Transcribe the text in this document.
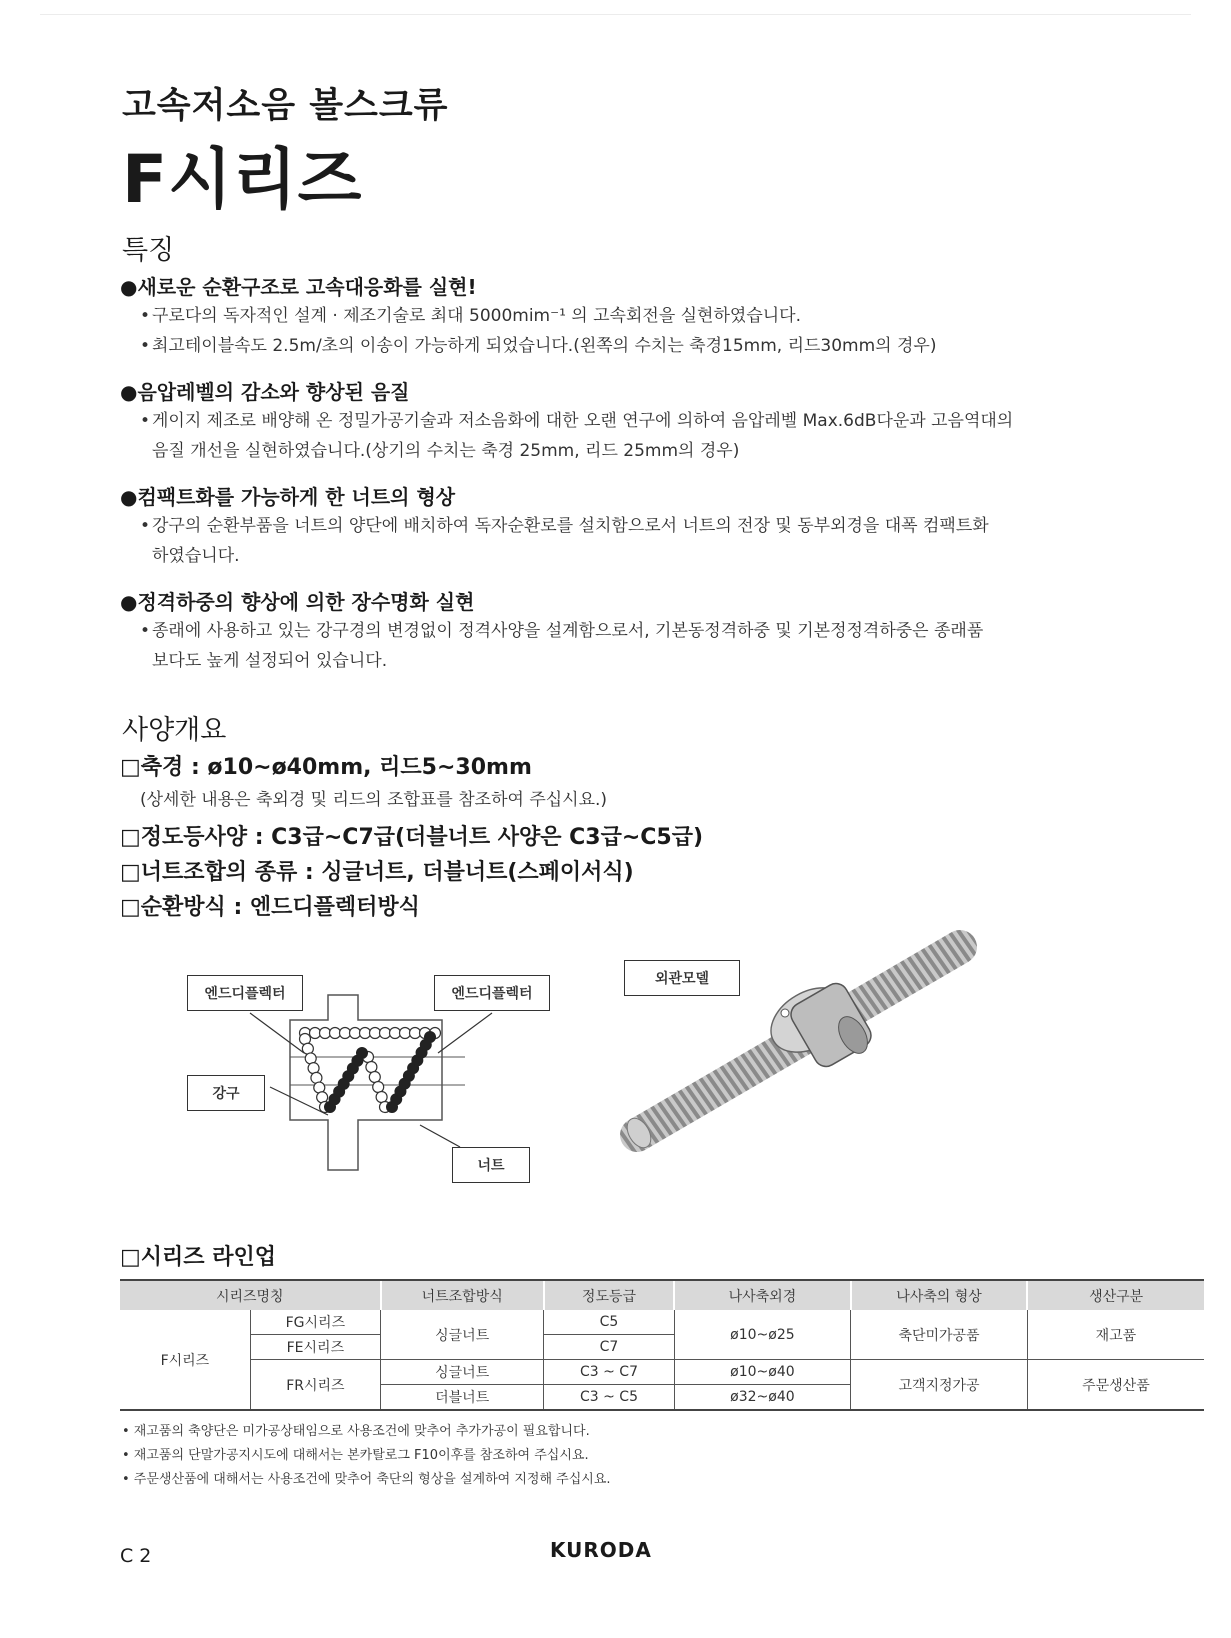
고속저소음 볼스크류
F시리즈
특징
●새로운 순환구조로 고속대응화를 실현!
• 구로다의 독자적인 설계 · 제조기술로 최대 5000mim⁻¹ 의 고속회전을 실현하였습니다.
• 최고테이블속도 2.5m/초의 이송이 가능하게 되었습니다.(왼쪽의 수치는 축경15mm, 리드30mm의 경우)
●음압레벨의 감소와 향상된 음질
• 게이지 제조로 배양해 온 정밀가공기술과 저소음화에 대한 오랜 연구에 의하여 음압레벨 Max.6dB다운과 고음역대의
음질 개선을 실현하였습니다.(상기의 수치는 축경 25mm, 리드 25mm의 경우)
●컴팩트화를 가능하게 한 너트의 형상
• 강구의 순환부품을 너트의 양단에 배치하여 독자순환로를 설치함으로서 너트의 전장 및 동부외경을 대폭 컴팩트화
하였습니다.
●정격하중의 향상에 의한 장수명화 실현
• 종래에 사용하고 있는 강구경의 변경없이 정격사양을 설계함으로서, 기본동정격하중 및 기본정정격하중은 종래품
보다도 높게 설정되어 있습니다.
사양개요
□축경 : ø10~ø40mm, 리드5~30mm
(상세한 내용은 축외경 및 리드의 조합표를 참조하여 주십시요.)
□정도등사양 : C3급~C7급(더블너트 사양은 C3급~C5급)
□너트조합의 종류 : 싱글너트, 더블너트(스페이서식)
□순환방식 : 엔드디플렉터방식
엔드디플렉터	엔드디플렉터
강구
너트
외관모델
□시리즈 라인업
시리즈명칭		너트조합방식	정도등급	나사축외경	나사축의 형상	생산구분
F시리즈	FG시리즈	싱글너트	C5	ø10~ø25	축단미가공품	재고품
	FE시리즈		C7			
	FR시리즈	싱글너트	C3 ~ C7	ø10~ø40	고객지정가공	주문생산품
		더블너트	C3 ~ C5	ø32~ø40		
• 재고품의 축양단은 미가공상태임으로 사용조건에 맞추어 추가가공이 필요합니다.
• 재고품의 단말가공지시도에 대해서는 본카탈로그 F10이후를 참조하여 주십시요.
• 주문생산품에 대해서는 사용조건에 맞추어 축단의 형상을 설계하여 지정해 주십시요.
C 2	KURODA
